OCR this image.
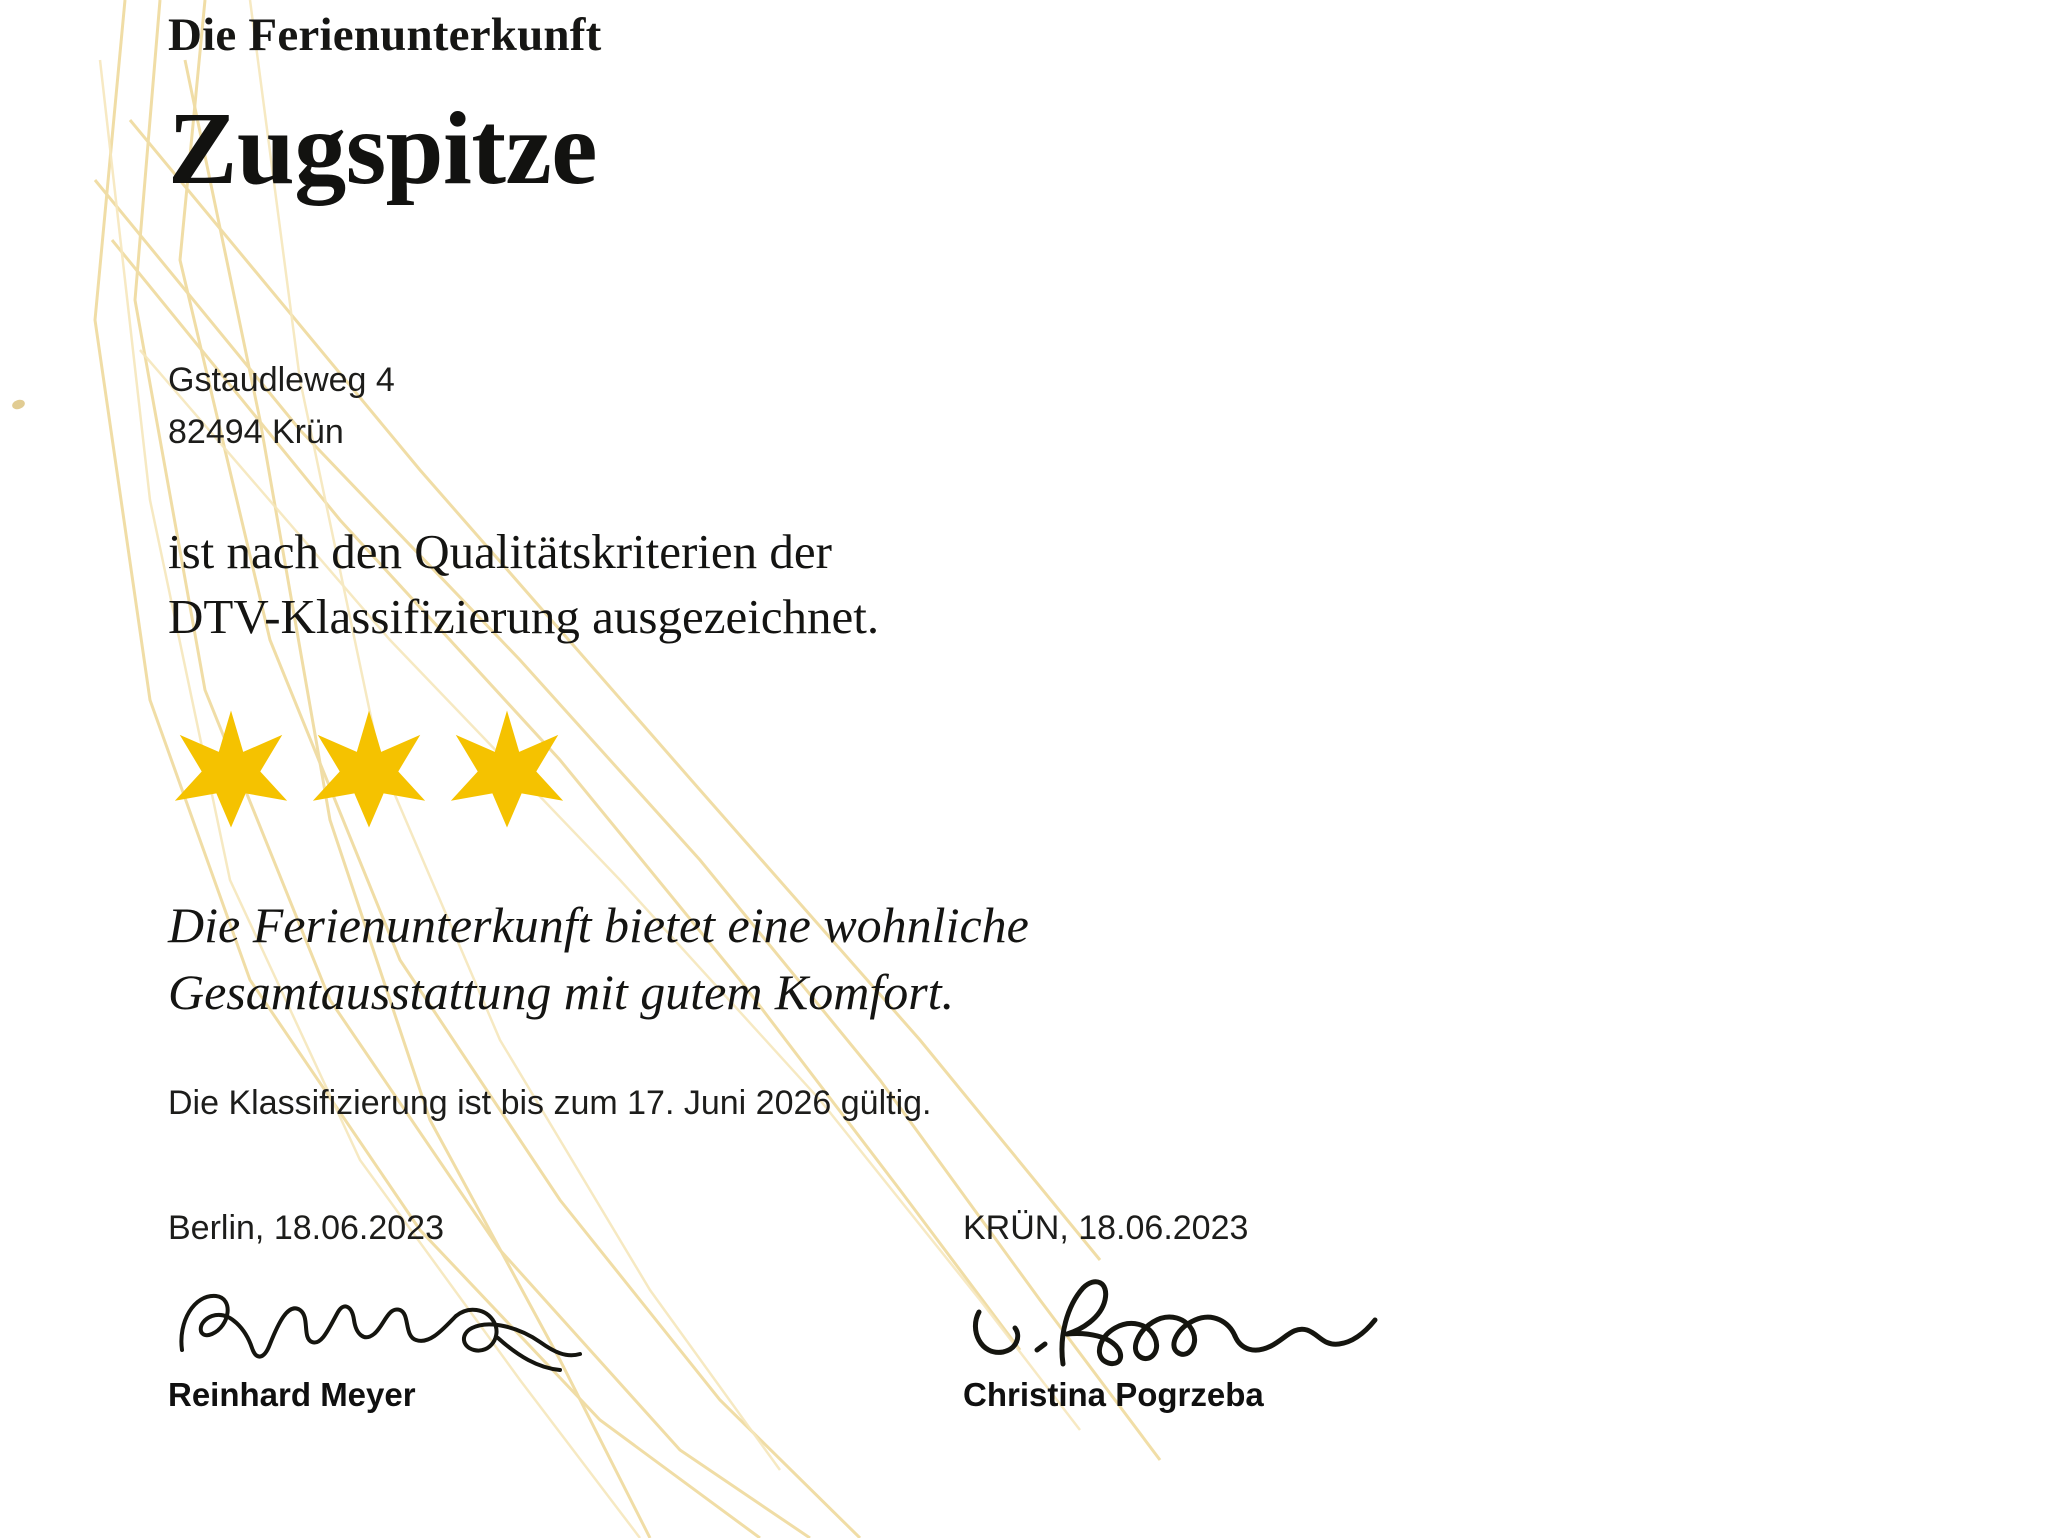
Die Ferienunterkunft
Zugspitze
Gstaudleweg 4
82494 Krün
ist nach den Qualitätskriterien der
DTV-Klassifizierung ausgezeichnet.
Die Ferienunterkunft bietet eine wohnliche
Gesamtausstattung mit gutem Komfort.
Die Klassifizierung ist bis zum 17. Juni 2026 gültig.
Berlin, 18.06.2023
Reinhard Meyer
KRÜN, 18.06.2023
Christina Pogrzeba
